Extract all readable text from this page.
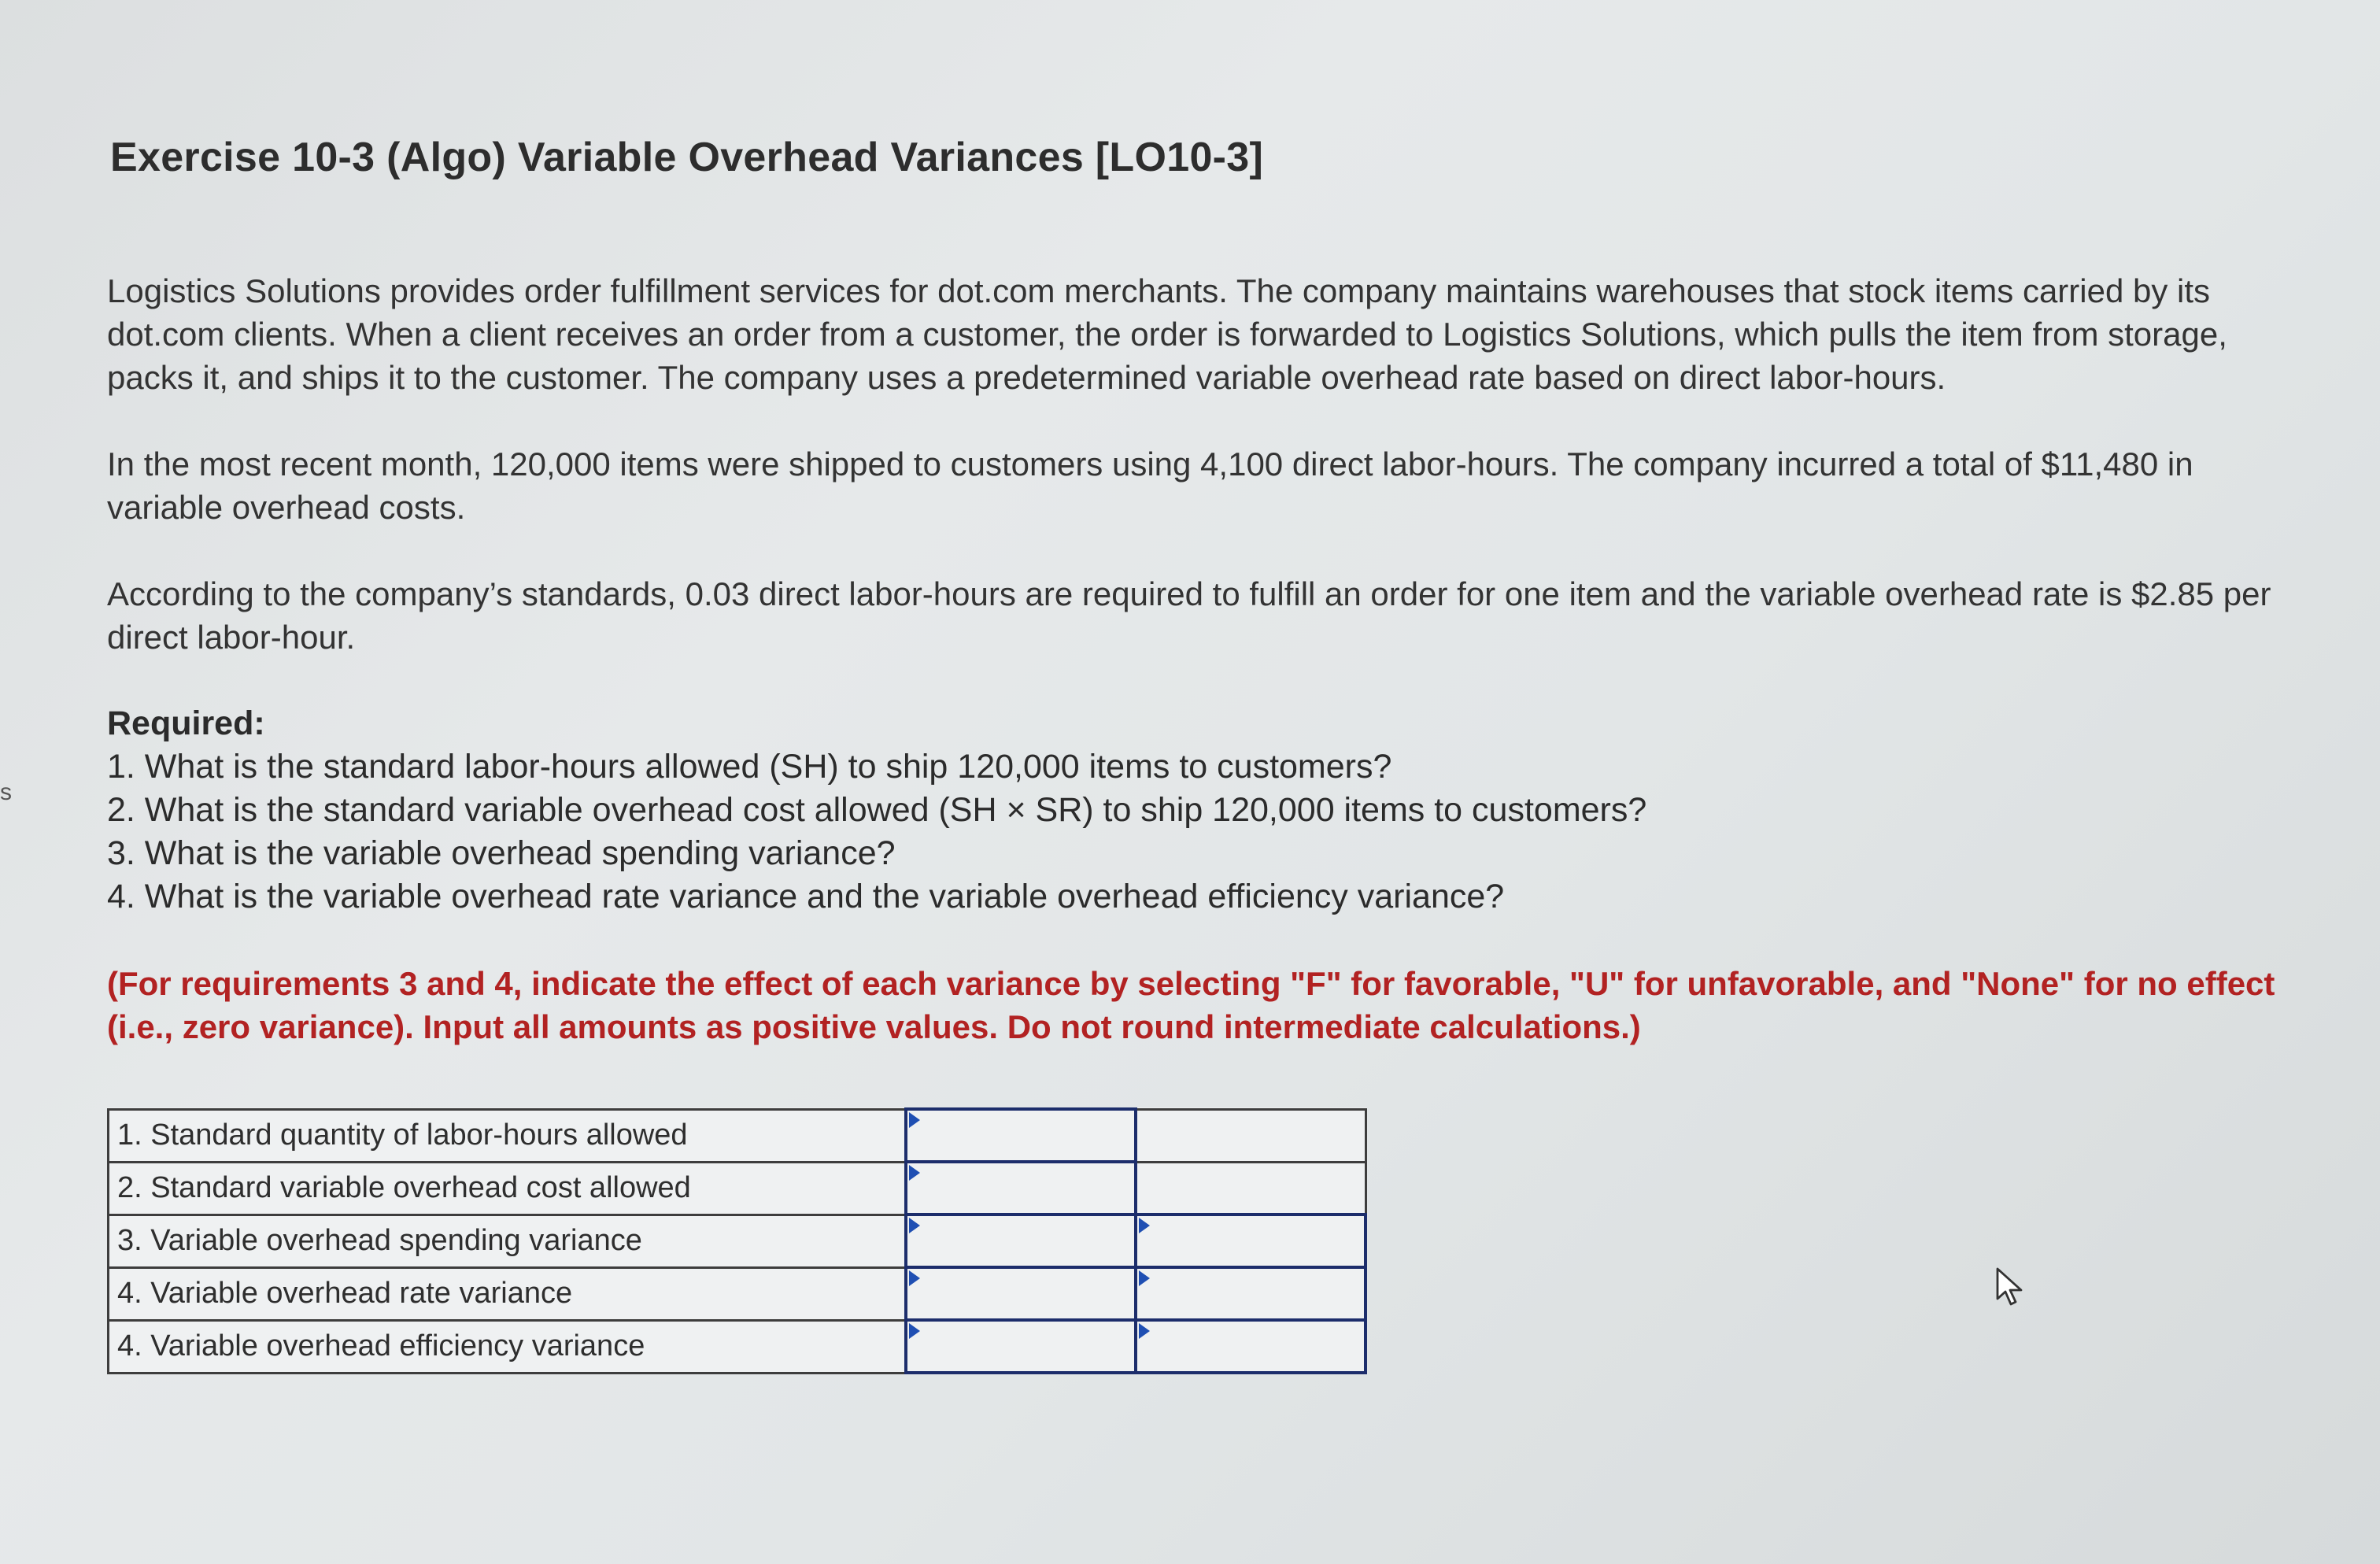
s
Exercise 10-3 (Algo) Variable Overhead Variances [LO10-3]

Logistics Solutions provides order fulfillment services for dot.com merchants. The company maintains warehouses that stock items carried by its dot.com clients. When a client receives an order from a customer, the order is forwarded to Logistics Solutions, which pulls the item from storage, packs it, and ships it to the customer. The company uses a predetermined variable overhead rate based on direct labor-hours.

In the most recent month, 120,000 items were shipped to customers using 4,100 direct labor-hours. The company incurred a total of $11,480 in variable overhead costs.

According to the company’s standards, 0.03 direct labor-hours are required to fulfill an order for one item and the variable overhead rate is $2.85 per direct labor-hour.

Required:

1. What is the standard labor-hours allowed (SH) to ship 120,000 items to customers?
2. What is the standard variable overhead cost allowed (SH × SR) to ship 120,000 items to customers?
3. What is the variable overhead spending variance?
4. What is the variable overhead rate variance and the variable overhead efficiency variance?

(For requirements 3 and 4, indicate the effect of each variance by selecting "F" for favorable, "U" for unfavorable, and "None" for no effect (i.e., zero variance). Input all amounts as positive values. Do not round intermediate calculations.)

1. Standard quantity of labor-hours allowed	

2. Standard variable overhead cost allowed	

3. Variable overhead spending variance	

4. Variable overhead rate variance	

4. Variable overhead efficiency variance	
